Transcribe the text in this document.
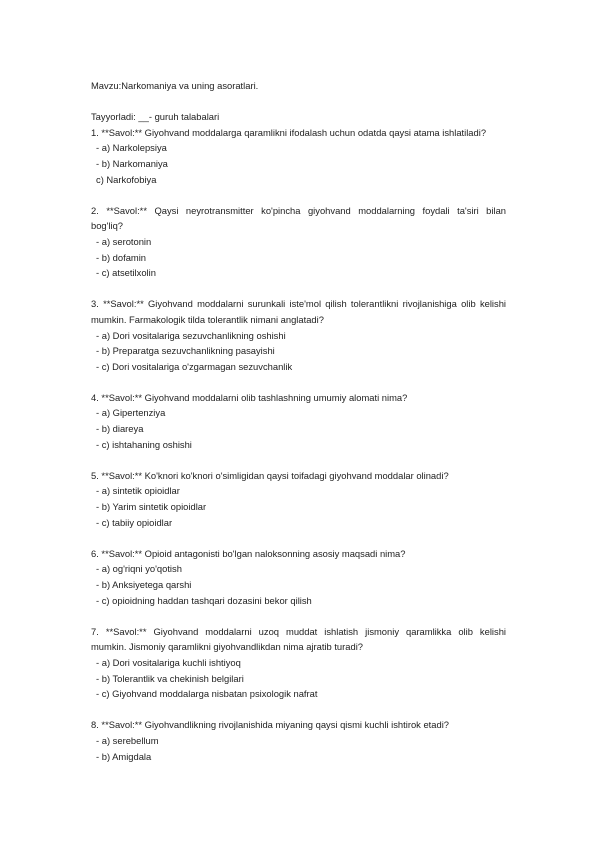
Mavzu:Narkomaniya va uning asoratlari.

Tayyorladi: __- guruh talabalari

1. **Savol:** Giyohvand moddalarga qaramlikni ifodalash uchun odatda qaysi atama ishlatiladi?

- a) Narkolepsiya

- b) Narkomaniya

c) Narkofobiya

2. **Savol:** Qaysi neyrotransmitter ko'pincha giyohvand moddalarning foydali ta'siri bilan

bog'liq?

- a) serotonin

- b) dofamin

- c) atsetilxolin

3. **Savol:** Giyohvand moddalarni surunkali iste'mol qilish tolerantlikni rivojlanishiga olib kelishi

mumkin. Farmakologik tilda tolerantlik nimani anglatadi?

- a) Dori vositalariga sezuvchanlikning oshishi

- b) Preparatga sezuvchanlikning pasayishi

- c) Dori vositalariga o'zgarmagan sezuvchanlik

4. **Savol:** Giyohvand moddalarni olib tashlashning umumiy alomati nima?

- a) Gipertenziya

- b) diareya

- c) ishtahaning oshishi

5. **Savol:** Ko'knori ko'knori o'simligidan qaysi toifadagi giyohvand moddalar olinadi?

- a) sintetik opioidlar

- b) Yarim sintetik opioidlar

- c) tabiiy opioidlar

6. **Savol:** Opioid antagonisti bo'lgan naloksonning asosiy maqsadi nima?

- a) og'riqni yo'qotish

- b) Anksiyetega qarshi

- c) opioidning haddan tashqari dozasini bekor qilish

7. **Savol:** Giyohvand moddalarni uzoq muddat ishlatish jismoniy qaramlikka olib kelishi

mumkin. Jismoniy qaramlikni giyohvandlikdan nima ajratib turadi?

- a) Dori vositalariga kuchli ishtiyoq

- b) Tolerantlik va chekinish belgilari

- c) Giyohvand moddalarga nisbatan psixologik nafrat

8. **Savol:** Giyohvandlikning rivojlanishida miyaning qaysi qismi kuchli ishtirok etadi?

- a) serebellum

- b) Amigdala
